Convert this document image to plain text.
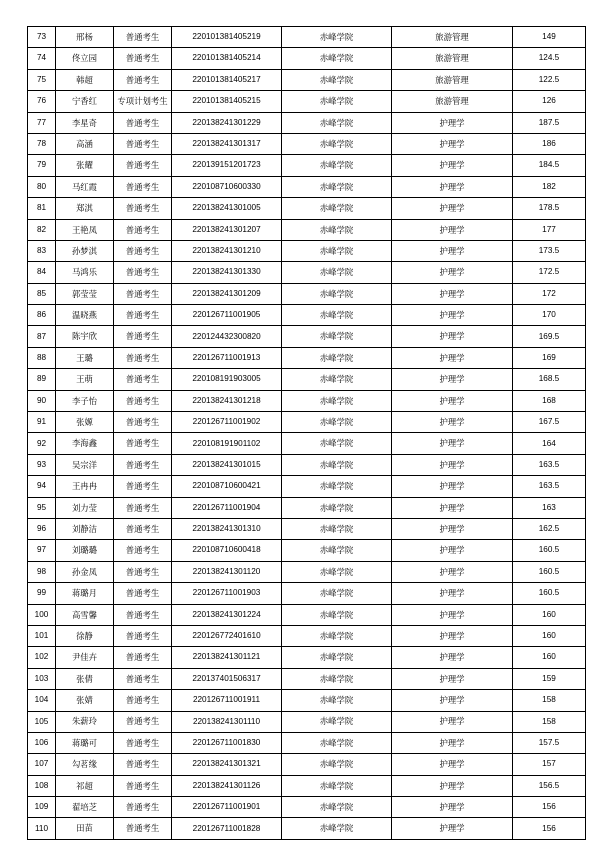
73	邢杨	普通考生	220101381405219	赤峰学院	旅游管理	149
74	佟立园	普通考生	220101381405214	赤峰学院	旅游管理	124.5
75	韩超	普通考生	220101381405217	赤峰学院	旅游管理	122.5
76	宁香红	专项计划考生	220101381405215	赤峰学院	旅游管理	126
77	李星奇	普通考生	220138241301229	赤峰学院	护理学	187.5
78	高涵	普通考生	220138241301317	赤峰学院	护理学	186
79	张耀	普通考生	220139151201723	赤峰学院	护理学	184.5
80	马红霞	普通考生	220108710600330	赤峰学院	护理学	182
81	郑淇	普通考生	220138241301005	赤峰学院	护理学	178.5
82	王艳凤	普通考生	220138241301207	赤峰学院	护理学	177
83	孙梦淇	普通考生	220138241301210	赤峰学院	护理学	173.5
84	马鸿乐	普通考生	220138241301330	赤峰学院	护理学	172.5
85	郭莹莹	普通考生	220138241301209	赤峰学院	护理学	172
86	温晓燕	普通考生	220126711001905	赤峰学院	护理学	170
87	陈宇欣	普通考生	220124432300820	赤峰学院	护理学	169.5
88	王璐	普通考生	220126711001913	赤峰学院	护理学	169
89	王萌	普通考生	220108191903005	赤峰学院	护理学	168.5
90	李子怡	普通考生	220138241301218	赤峰学院	护理学	168
91	张嫄	普通考生	220126711001902	赤峰学院	护理学	167.5
92	李海鑫	普通考生	220108191901102	赤峰学院	护理学	164
93	吴宗洋	普通考生	220138241301015	赤峰学院	护理学	163.5
94	王冉冉	普通考生	220108710600421	赤峰学院	护理学	163.5
95	刘力莹	普通考生	220126711001904	赤峰学院	护理学	163
96	刘静洁	普通考生	220138241301310	赤峰学院	护理学	162.5
97	刘璐璐	普通考生	220108710600418	赤峰学院	护理学	160.5
98	孙金凤	普通考生	220138241301120	赤峰学院	护理学	160.5
99	蒋璐月	普通考生	220126711001903	赤峰学院	护理学	160.5
100	高雪馨	普通考生	220138241301224	赤峰学院	护理学	160
101	徐静	普通考生	220126772401610	赤峰学院	护理学	160
102	尹佳卉	普通考生	220138241301121	赤峰学院	护理学	160
103	张倩	普通考生	220137401506317	赤峰学院	护理学	159
104	张婧	普通考生	220126711001911	赤峰学院	护理学	158
105	朱薪玲	普通考生	220138241301110	赤峰学院	护理学	158
106	蒋璐可	普通考生	220126711001830	赤峰学院	护理学	157.5
107	勾茗缘	普通考生	220138241301321	赤峰学院	护理学	157
108	祁超	普通考生	220138241301126	赤峰学院	护理学	156.5
109	翟培芝	普通考生	220126711001901	赤峰学院	护理学	156
110	田苗	普通考生	220126711001828	赤峰学院	护理学	156
